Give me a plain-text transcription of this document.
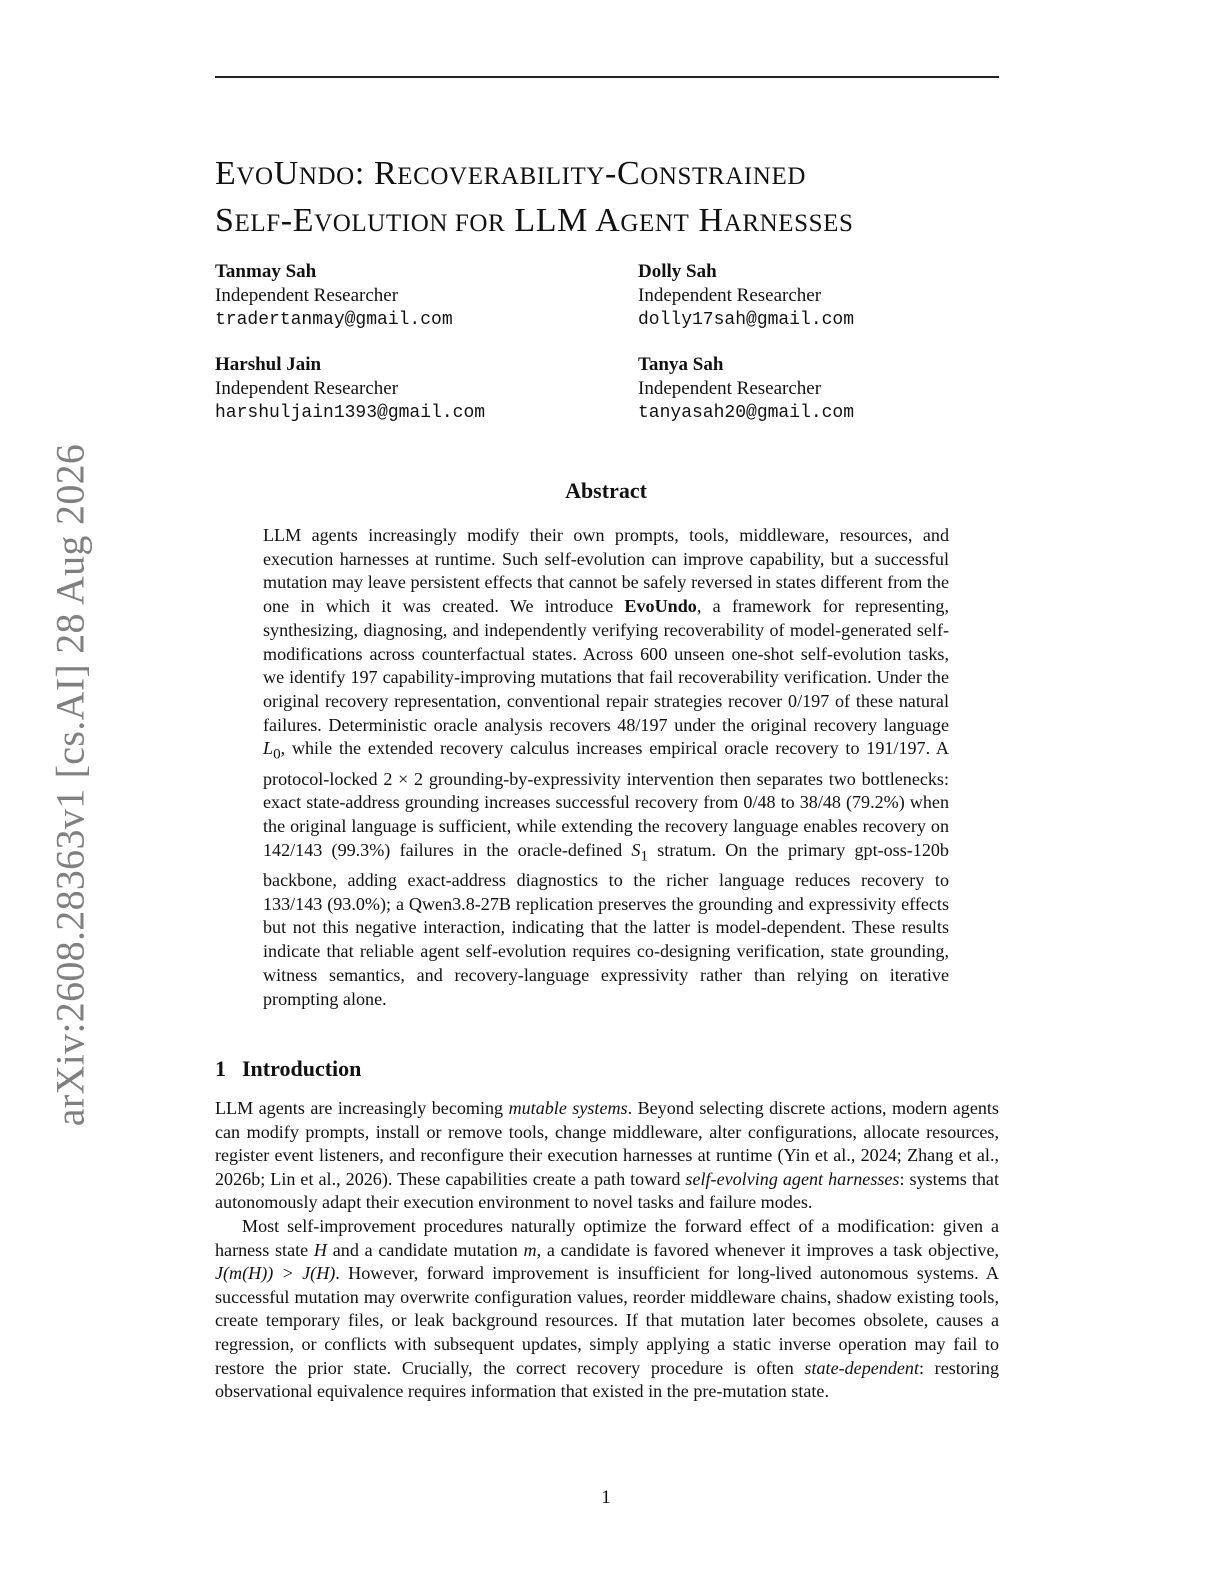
arXiv:2608.28363v1 [cs.AI] 28 Aug 2026
EVOUNDO: RECOVERABILITY-CONSTRAINED
SELF-EVOLUTION FOR LLM AGENT HARNESSES
Tanmay Sah
Independent Researcher
tradertanmay@gmail.com
Dolly Sah
Independent Researcher
dolly17sah@gmail.com
Harshul Jain
Independent Researcher
harshuljain1393@gmail.com
Tanya Sah
Independent Researcher
tanyasah20@gmail.com
Abstract

LLM agents increasingly modify their own prompts, tools, middleware, resources, and execution harnesses at runtime. Such self-evolution can improve capability, but a successful mutation may leave persistent effects that cannot be safely reversed in states different from the one in which it was created. We introduce EvoUndo, a framework for representing, synthesizing, diagnosing, and independently verifying recoverability of model-generated self-modifications across counterfactual states. Across 600 unseen one-shot self-evolution tasks, we identify 197 capability-improving mutations that fail recoverability verification. Under the original recovery representation, conventional repair strategies recover 0/197 of these natural failures. Deterministic oracle analysis recovers 48/197 under the original recovery language $L_0$, while the extended recovery calculus increases empirical oracle recovery to 191/197. A protocol-locked 2 × 2 grounding-by-expressivity intervention then separates two bottlenecks: exact state-address grounding increases successful recovery from 0/48 to 38/48 (79.2%) when the original language is sufficient, while extending the recovery language enables recovery on 142/143 (99.3%) failures in the oracle-defined $S_1$ stratum. On the primary gpt-oss-120b backbone, adding exact-address diagnostics to the richer language reduces recovery to 133/143 (93.0%); a Qwen3.8-27B replication preserves the grounding and expressivity effects but not this negative interaction, indicating that the latter is model-dependent. These results indicate that reliable agent self-evolution requires co-designing verification, state grounding, witness semantics, and recovery-language expressivity rather than relying on iterative prompting alone.

1 Introduction

LLM agents are increasingly becoming mutable systems. Beyond selecting discrete actions, modern agents can modify prompts, install or remove tools, change middleware, alter configurations, allocate resources, register event listeners, and reconfigure their execution harnesses at runtime (Yin et al., 2024; Zhang et al., 2026b; Lin et al., 2026). These capabilities create a path toward self-evolving agent harnesses: systems that autonomously adapt their execution environment to novel tasks and failure modes.

Most self-improvement procedures naturally optimize the forward effect of a modification: given a harness state H and a candidate mutation m, a candidate is favored whenever it improves a task objective, J(m(H)) > J(H). However, forward improvement is insufficient for long-lived autonomous systems. A successful mutation may overwrite configuration values, reorder middleware chains, shadow existing tools, create temporary files, or leak background resources. If that mutation later becomes obsolete, causes a regression, or conflicts with subsequent updates, simply applying a static inverse operation may fail to restore the prior state. Crucially, the correct recovery procedure is often state-dependent: restoring observational equivalence requires information that existed in the pre-mutation state.

1
